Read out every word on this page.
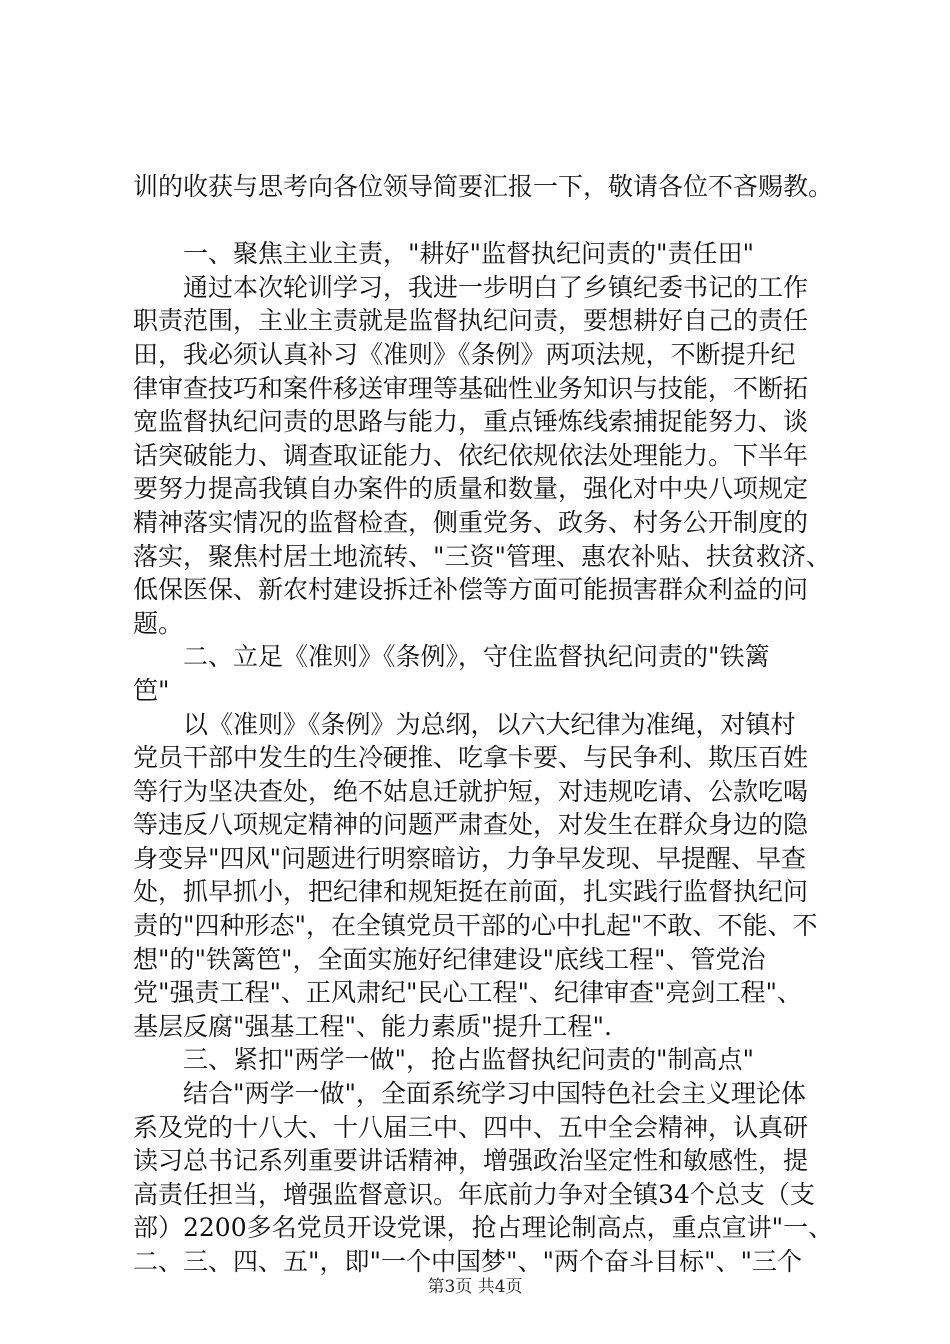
训的收获与思考向各位领导简要汇报一下，敬请各位不吝赐教。
　　一、聚焦主业主责，"耕好"监督执纪问责的"责任田"
　　通过本次轮训学习，我进一步明白了乡镇纪委书记的工作
职责范围，主业主责就是监督执纪问责，要想耕好自己的责任
田，我必须认真补习《准则》《条例》两项法规，不断提升纪
律审查技巧和案件移送审理等基础性业务知识与技能，不断拓
宽监督执纪问责的思路与能力，重点锤炼线索捕捉能努力、谈
话突破能力、调查取证能力、依纪依规依法处理能力。下半年
要努力提高我镇自办案件的质量和数量，强化对中央八项规定
精神落实情况的监督检查，侧重党务、政务、村务公开制度的
落实，聚焦村居土地流转、"三资"管理、惠农补贴、扶贫救济、
低保医保、新农村建设拆迁补偿等方面可能损害群众利益的问
题。
　　二、立足《准则》《条例》，守住监督执纪问责的"铁篱
笆"
　　以《准则》《条例》为总纲，以六大纪律为准绳，对镇村
党员干部中发生的生冷硬推、吃拿卡要、与民争利、欺压百姓
等行为坚决查处，绝不姑息迁就护短，对违规吃请、公款吃喝
等违反八项规定精神的问题严肃查处，对发生在群众身边的隐
身变异"四风"问题进行明察暗访，力争早发现、早提醒、早查
处，抓早抓小，把纪律和规矩挺在前面，扎实践行监督执纪问
责的"四种形态"，在全镇党员干部的心中扎起"不敢、不能、不
想"的"铁篱笆"，全面实施好纪律建设"底线工程"、管党治
党"强责工程"、正风肃纪"民心工程"、纪律审查"亮剑工程"、
基层反腐"强基工程"、能力素质"提升工程".
　　三、紧扣"两学一做"，抢占监督执纪问责的"制高点"
　　结合"两学一做"，全面系统学习中国特色社会主义理论体
系及党的十八大、十八届三中、四中、五中全会精神，认真研
读习总书记系列重要讲话精神，增强政治坚定性和敏感性，提
高责任担当，增强监督意识。年底前力争对全镇34个总支（支
部）2200多名党员开设党课，抢占理论制高点，重点宣讲"一、
二、三、四、五"，即"一个中国梦"、"两个奋斗目标"、"三个
第3页 共4页
